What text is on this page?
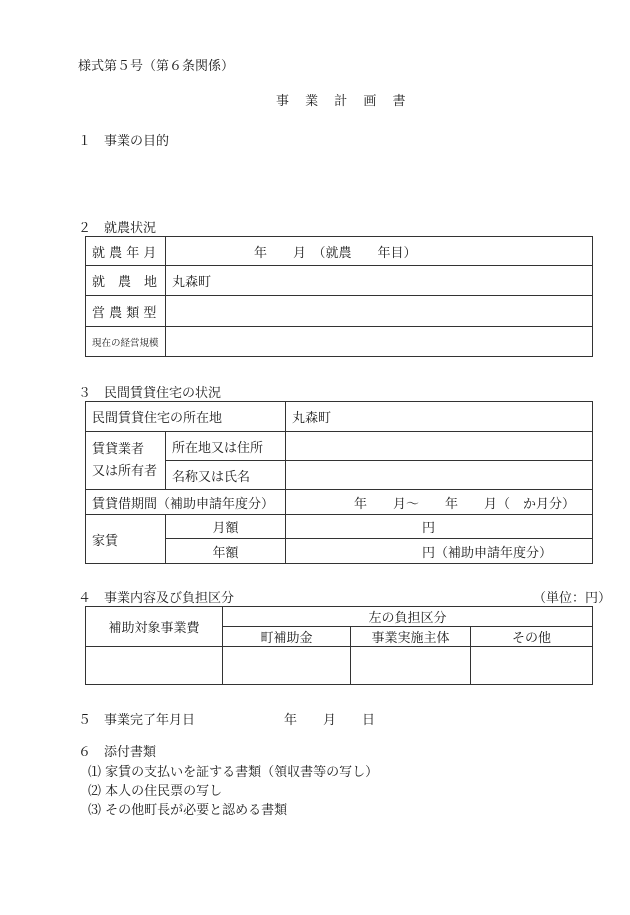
様式第５号（第６条関係）
事 業 計 画 書
１　事業の目的
２　就農状況
就 農 年 月	年　　月　（就農　　年目）
就　農　地	丸森町
営 農 類 型	
現在の経営規模	
３　民間賃貸住宅の状況
民間賃貸住宅の所在地		丸森町

賃貸業者
又は所有者	所在地又は住所	
	名称又は氏名	
賃貸借期間（補助申請年度分）		年　　月～　　年　　月（　か月分）
家賃	月額	円
	年額	円（補助申請年度分）
４　事業内容及び負担区分	（単位：円）
補助対象事業費	左の負担区分		
	町補助金	事業実施主体	その他

５　事業完了年月日	年　　月　　日
６　添付書類
⑴ 家賃の支払いを証する書類（領収書等の写し）
⑵ 本人の住民票の写し
⑶ その他町長が必要と認める書類
